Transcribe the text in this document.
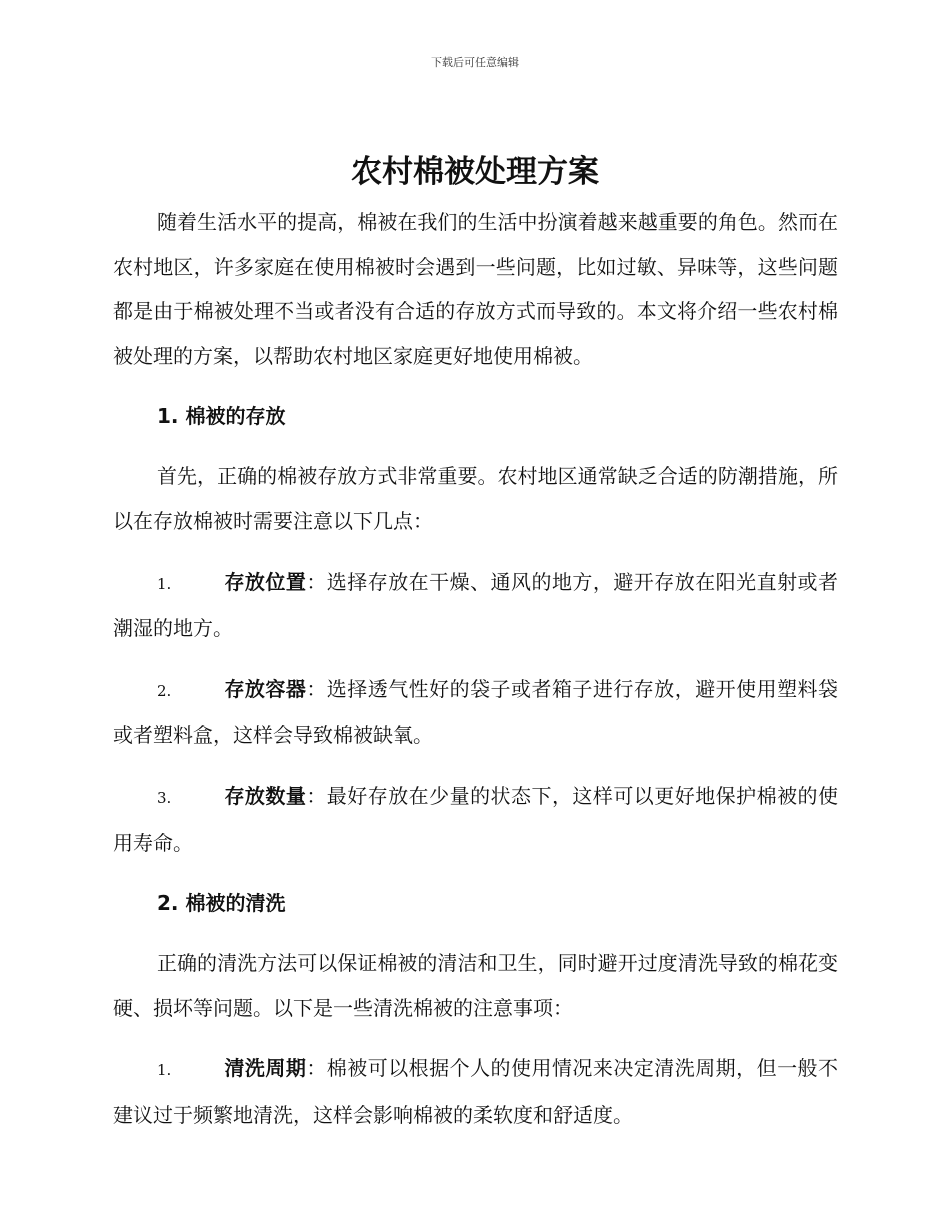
下载后可任意编辑
农村棉被处理方案

随着生活水平的提高，棉被在我们的生活中扮演着越来越重要的角色。然而在农村地区，许多家庭在使用棉被时会遇到一些问题，比如过敏、异味等，这些问题都是由于棉被处理不当或者没有合适的存放方式而导致的。本文将介绍一些农村棉被处理的方案，以帮助农村地区家庭更好地使用棉被。

1. 棉被的存放

首先，正确的棉被存放方式非常重要。农村地区通常缺乏合适的防潮措施，所以在存放棉被时需要注意以下几点：

1.	存放位置：选择存放在干燥、通风的地方，避开存放在阳光直射或者潮湿的地方。

2.	存放容器：选择透气性好的袋子或者箱子进行存放，避开使用塑料袋或者塑料盒，这样会导致棉被缺氧。

3.	存放数量：最好存放在少量的状态下，这样可以更好地保护棉被的使用寿命。

2. 棉被的清洗

正确的清洗方法可以保证棉被的清洁和卫生，同时避开过度清洗导致的棉花变硬、损坏等问题。以下是一些清洗棉被的注意事项：

1.	清洗周期：棉被可以根据个人的使用情况来决定清洗周期，但一般不建议过于频繁地清洗，这样会影响棉被的柔软度和舒适度。
